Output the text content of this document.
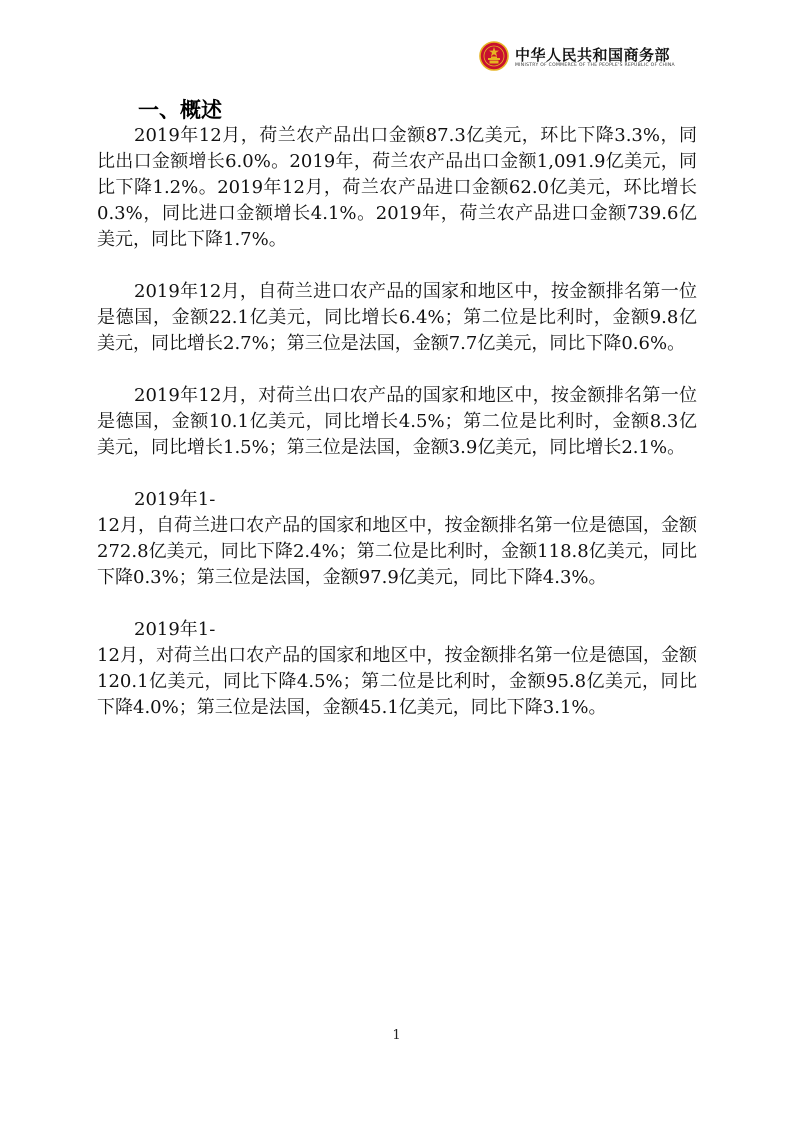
中华人民共和国商务部
MINISTRY OF COMMERCE OF THE PEOPLE'S REPUBLIC OF CHINA
一、概述

2019年12月，荷兰农产品出口金额87.3亿美元，环比下降3.3%，同比出口金额增长6.0%。2019年，荷兰农产品出口金额1,091.9亿美元，同比下降1.2%。2019年12月，荷兰农产品进口金额62.0亿美元，环比增长0.3%，同比进口金额增长4.1%。2019年，荷兰农产品进口金额739.6亿美元，同比下降1.7%。

2019年12月，自荷兰进口农产品的国家和地区中，按金额排名第一位是德国，金额22.1亿美元，同比增长6.4%；第二位是比利时，金额9.8亿美元，同比增长2.7%；第三位是法国，金额7.7亿美元，同比下降0.6%。

2019年12月，对荷兰出口农产品的国家和地区中，按金额排名第一位是德国，金额10.1亿美元，同比增长4.5%；第二位是比利时，金额8.3亿美元，同比增长1.5%；第三位是法国，金额3.9亿美元，同比增长2.1%。

2019年1-
12月，自荷兰进口农产品的国家和地区中，按金额排名第一位是德国，金额272.8亿美元，同比下降2.4%；第二位是比利时，金额118.8亿美元，同比下降0.3%；第三位是法国，金额97.9亿美元，同比下降4.3%。

2019年1-
12月，对荷兰出口农产品的国家和地区中，按金额排名第一位是德国，金额120.1亿美元，同比下降4.5%；第二位是比利时，金额95.8亿美元，同比下降4.0%；第三位是法国，金额45.1亿美元，同比下降3.1%。

1
